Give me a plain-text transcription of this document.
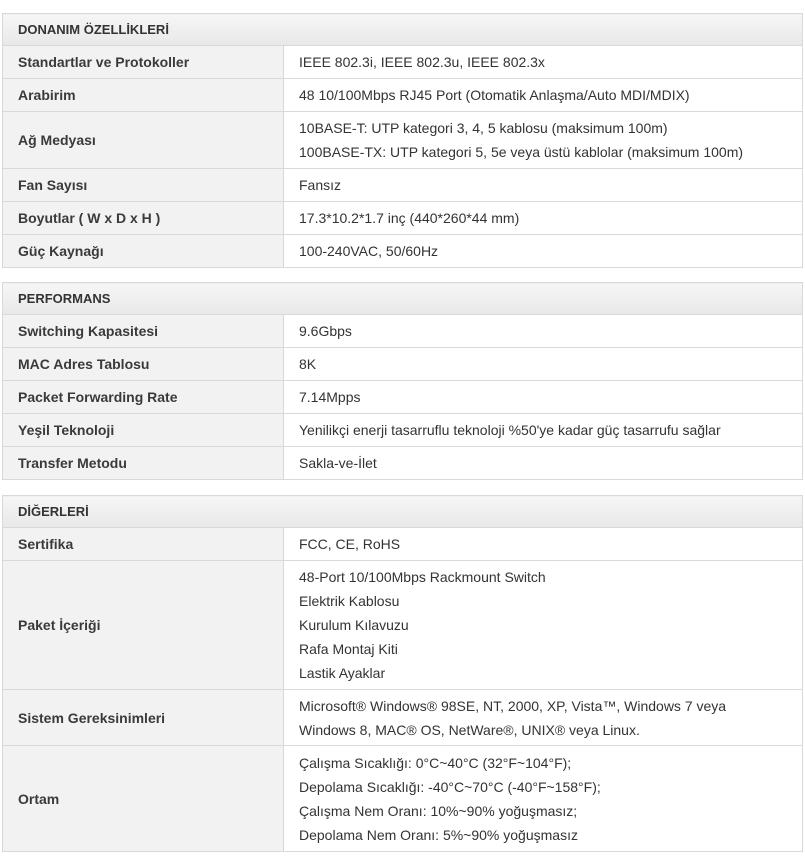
DONANIM ÖZELLİKLERİ	
Standartlar ve Protokoller	IEEE 802.3i, IEEE 802.3u, IEEE 802.3x

Arabirim	48 10/100Mbps RJ45 Port (Otomatik Anlaşma/Auto MDI/MDIX)

Ağ Medyası	10BASE-T: UTP kategori 3, 4, 5 kablosu (maksimum 100m)
100BASE-TX: UTP kategori 5, 5e veya üstü kablolar (maksimum 100m)

Fan Sayısı	Fansız

Boyutlar ( W x D x H )	17.3*10.2*1.7 inç (440*260*44 mm)

Güç Kaynağı	100-240VAC, 50/60Hz
PERFORMANS	
Switching Kapasitesi	9.6Gbps

MAC Adres Tablosu	8K

Packet Forwarding Rate	7.14Mpps

Yeşil Teknoloji	Yenilikçi enerji tasarruflu teknoloji %50'ye kadar güç tasarrufu sağlar

Transfer Metodu	Sakla-ve-İlet
DİĞERLERİ	
Sertifika	FCC, CE, RoHS

Paket İçeriği	48-Port 10/100Mbps Rackmount Switch
Elektrik Kablosu
Kurulum Kılavuzu
Rafa Montaj Kiti
Lastik Ayaklar

Sistem Gereksinimleri	Microsoft® Windows® 98SE, NT, 2000, XP, Vista™, Windows 7 veya
Windows 8, MAC® OS, NetWare®, UNIX® veya Linux.

Ortam	Çalışma Sıcaklığı: 0°C~40°C (32°F~104°F);
Depolama Sıcaklığı: -40°C~70°C (-40°F~158°F);
Çalışma Nem Oranı: 10%~90% yoğuşmasız;
Depolama Nem Oranı: 5%~90% yoğuşmasız
